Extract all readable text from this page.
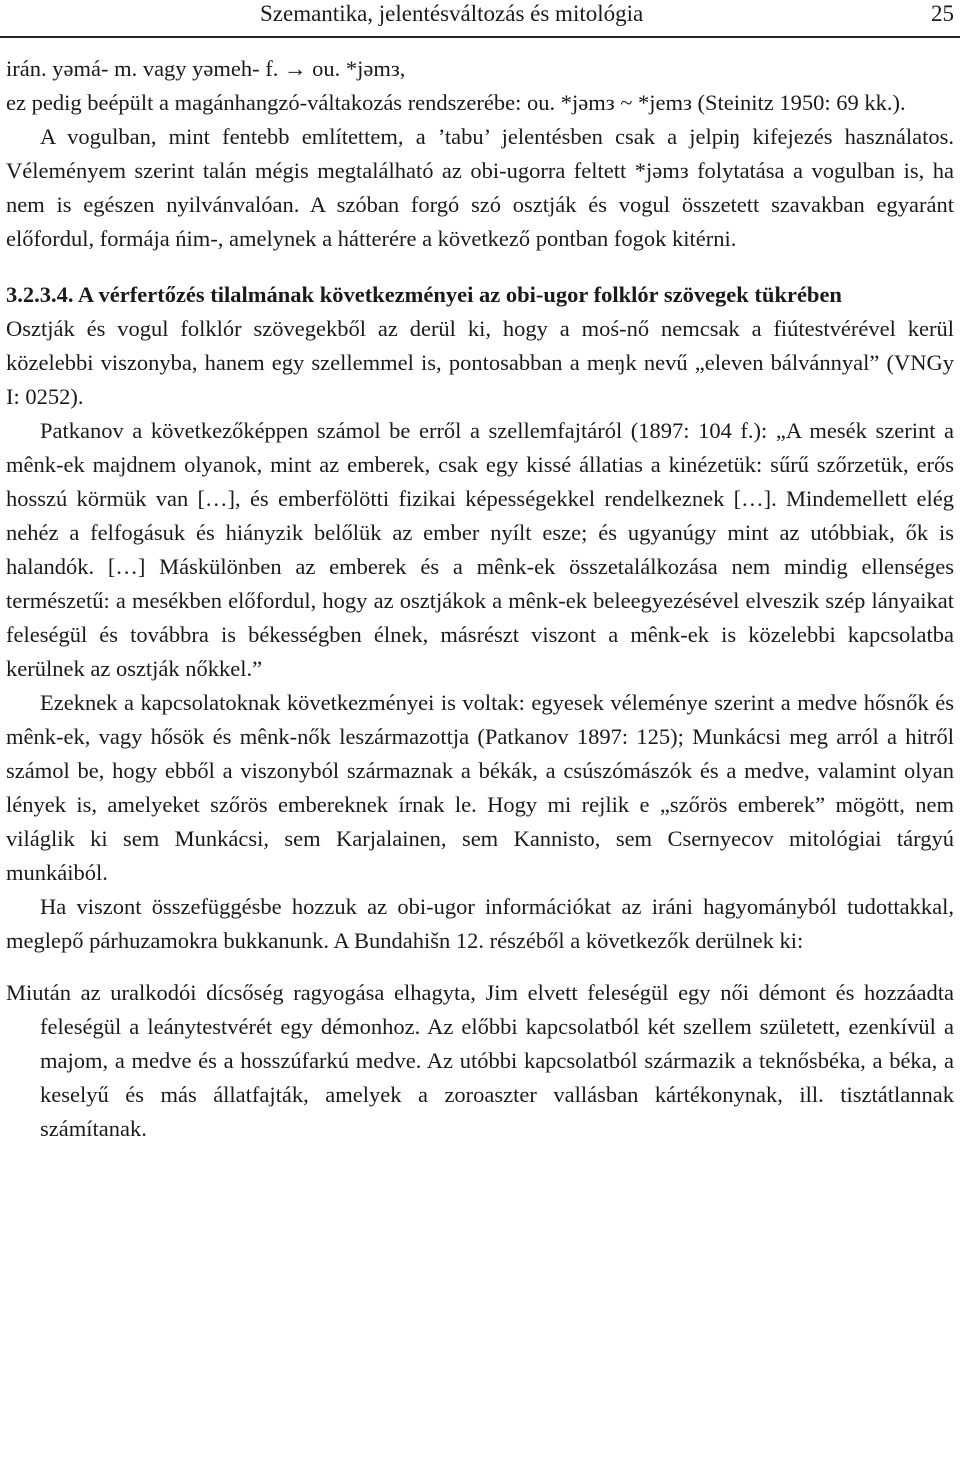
Szemantika, jelentésváltozás és mitológia	25

irán. yəmá- m. vagy yəmeh- f. → ou. *jəmз,

ez pedig beépült a magánhangzó-váltakozás rendszerébe: ou. *jəmз ~ *jemз (Steinitz 1950: 69 kk.).

A vogulban, mint fentebb említettem, a ’tabu’ jelentésben csak a jelpiŋ kifejezés használatos. Véleményem szerint talán mégis megtalálható az obi-ugorra feltett *jəmз folytatása a vogulban is, ha nem is egészen nyilvánvalóan. A szóban forgó szó osztják és vogul összetett szavakban egyaránt előfordul, formája ńim-, amelynek a hátterére a következő pontban fogok kitérni.

3.2.3.4. A vérfertőzés tilalmának következményei az obi-ugor folklór szövegek tükrében

Osztják és vogul folklór szövegekből az derül ki, hogy a moś-nő nemcsak a fiútestvérével kerül közelebbi viszonyba, hanem egy szellemmel is, pontosabban a meŋk nevű „eleven bálvánnyal” (VNGy I: 0252).

Patkanov a következőképpen számol be erről a szellemfajtáról (1897: 104 f.): „A mesék szerint a mênk-ek majdnem olyanok, mint az emberek, csak egy kissé állatias a kinézetük: sűrű szőrzetük, erős hosszú körmük van […], és emberfölötti fizikai képességekkel rendelkeznek […]. Mindemellett elég nehéz a felfogásuk és hiányzik belőlük az ember nyílt esze; és ugyanúgy mint az utóbbiak, ők is halandók. […] Máskülönben az emberek és a mênk-ek összetalálkozása nem mindig ellenséges természetű: a mesékben előfordul, hogy az osztjákok a mênk-ek beleegyezésével elveszik szép lányaikat feleségül és továbbra is békességben élnek, másrészt viszont a mênk-ek is közelebbi kapcsolatba kerülnek az osztják nőkkel.”

Ezeknek a kapcsolatoknak következményei is voltak: egyesek véleménye szerint a medve hősnők és mênk-ek, vagy hősök és mênk-nők leszármazottja (Patkanov 1897: 125); Munkácsi meg arról a hitről számol be, hogy ebből a viszonyból származnak a békák, a csúszómászók és a medve, valamint olyan lények is, amelyeket szőrös embereknek írnak le. Hogy mi rejlik e „szőrös emberek” mögött, nem világlik ki sem Munkácsi, sem Karjalainen, sem Kannisto, sem Csernyecov mitológiai tárgyú munkáiból.

Ha viszont összefüggésbe hozzuk az obi-ugor információkat az iráni hagyományból tudottakkal, meglepő párhuzamokra bukkanunk. A Bundahišn 12. részéből a következők derülnek ki:

Miután az uralkodói dícsőség ragyogása elhagyta, Jim elvett feleségül egy női démont és hozzáadta feleségül a leánytestvérét egy démonhoz. Az előbbi kapcsolatból két szellem született, ezenkívül a majom, a medve és a hosszúfarkú medve. Az utóbbi kapcsolatból származik a teknősbéka, a béka, a keselyű és más állatfajták, amelyek a zoroaszter vallásban kártékonynak, ill. tisztátlannak számítanak.
